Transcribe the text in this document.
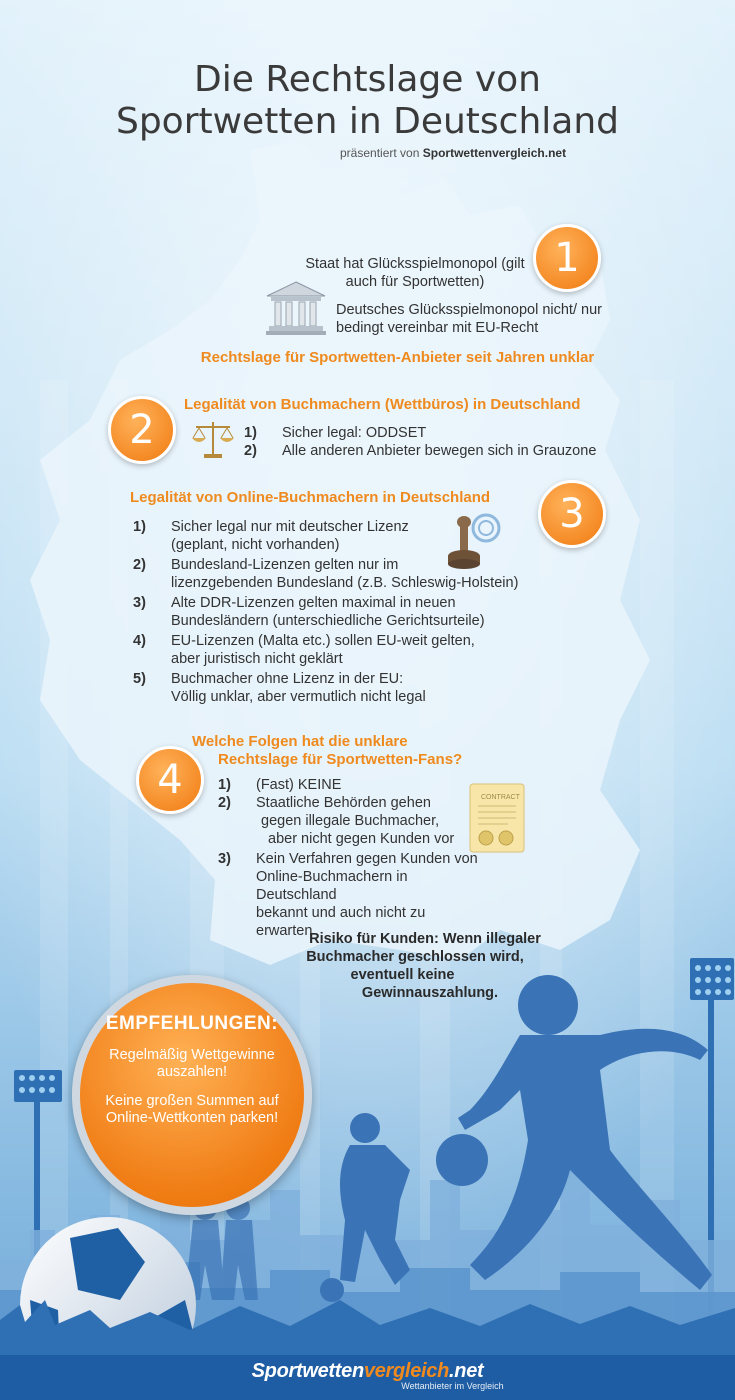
Die Rechtslage von
Sportwetten in Deutschland
präsentiert von Sportwettenvergleich.net
1
Staat hat Glücksspielmonopol (gilt auch für Sportwetten)
Deutsches Glücksspielmonopol nicht/ nur bedingt vereinbar mit EU-Recht
Rechtslage für Sportwetten-Anbieter seit Jahren unklar
2
Legalität von Buchmachern (Wettbüros) in Deutschland
1) Sicher legal: ODDSET
2) Alle anderen Anbieter bewegen sich in Grauzone
Legalität von Online-Buchmachern in Deutschland	3
1) Sicher legal nur mit deutscher Lizenz
(geplant, nicht vorhanden)
2) Bundesland-Lizenzen gelten nur im
lizenzgebenden Bundesland (z.B. Schleswig-Holstein)
3) Alte DDR-Lizenzen gelten maximal in neuen
Bundesländern (unterschiedliche Gerichtsurteile)
4) EU-Lizenzen (Malta etc.) sollen EU-weit gelten,
aber juristisch nicht geklärt
5) Buchmacher ohne Lizenz in der EU:
Völlig unklar, aber vermutlich nicht legal
Welche Folgen hat die unklare
Rechtslage für Sportwetten-Fans?
4	CONTRACT
1) (Fast) KEINE
2) Staatliche Behörden gehen
gegen illegale Buchmacher,
aber nicht gegen Kunden vor
3) Kein Verfahren gegen Kunden von
Online-Buchmachern in Deutschland
bekannt und auch nicht zu erwarten
Risiko für Kunden: Wenn illegaler
Buchmacher geschlossen wird,
eventuell keine
Gewinnauszahlung.
EMPFEHLUNGEN:

Regelmäßig Wettgewinne auszahlen!

Keine großen Summen auf Online-Wettkonten parken!

Sportwettenvergleich.net
Wettanbieter im Vergleich
